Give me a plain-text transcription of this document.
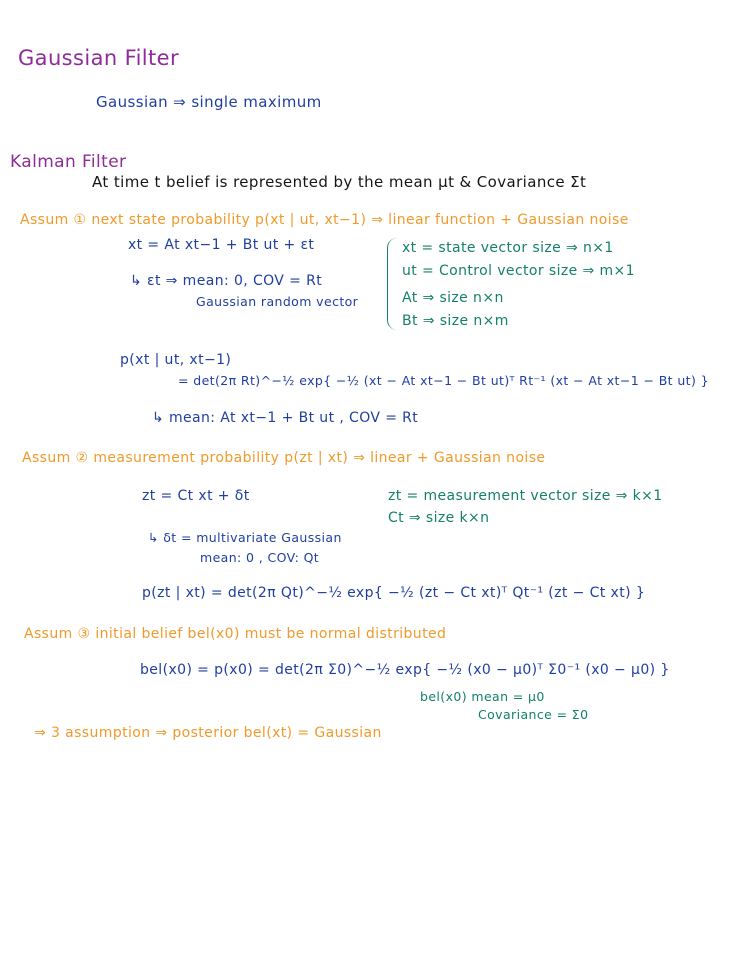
Gaussian Filter
Gaussian ⇒ single maximum
Kalman Filter
At time t belief is represented by the mean μt & Covariance Σt
Assum ① next state probability p(xt | ut, xt−1) ⇒ linear function + Gaussian noise
xt = At xt−1 + Bt ut + εt
↳ εt ⇒ mean: 0, COV = Rt
Gaussian random vector
xt = state vector size ⇒ n×1
ut = Control vector size ⇒ m×1
At ⇒ size n×n
Bt ⇒ size n×m
p(xt | ut, xt−1)
= det(2π Rt)^−½ exp{ −½ (xt − At xt−1 − Bt ut)ᵀ Rt⁻¹ (xt − At xt−1 − Bt ut) }
↳ mean: At xt−1 + Bt ut , COV = Rt
Assum ② measurement probability p(zt | xt) ⇒ linear + Gaussian noise
zt = Ct xt + δt	zt = measurement vector size ⇒ k×1
Ct ⇒ size k×n
↳ δt = multivariate Gaussian
mean: 0 , COV: Qt
p(zt | xt) = det(2π Qt)^−½ exp{ −½ (zt − Ct xt)ᵀ Qt⁻¹ (zt − Ct xt) }
Assum ③ initial belief bel(x0) must be normal distributed
bel(x0) = p(x0) = det(2π Σ0)^−½ exp{ −½ (x0 − μ0)ᵀ Σ0⁻¹ (x0 − μ0) }
bel(x0) mean = μ0
Covariance = Σ0
⇒ 3 assumption ⇒ posterior bel(xt) = Gaussian
